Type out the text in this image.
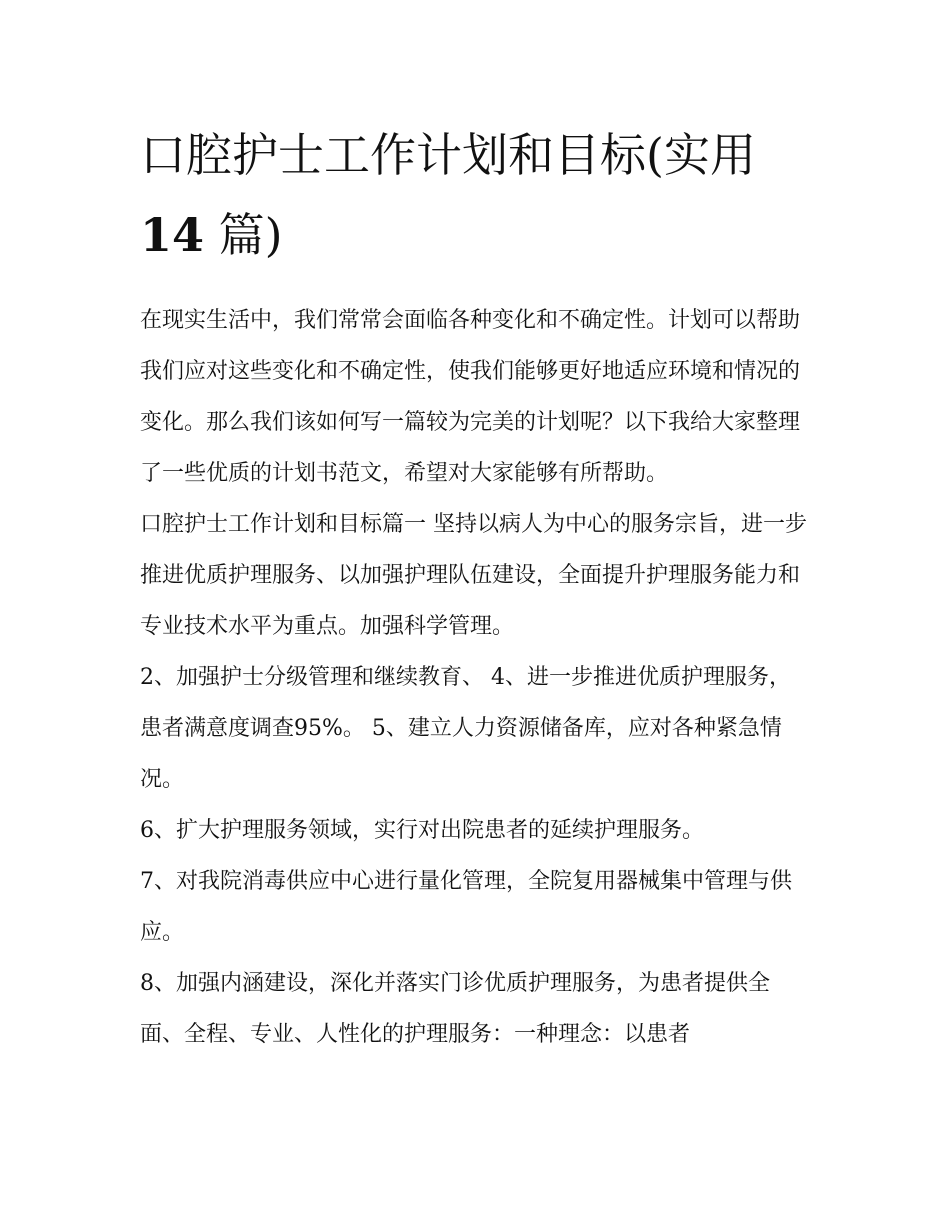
口腔护士工作计划和目标(实用
14 篇)

在现实生活中，我们常常会面临各种变化和不确定性。计划可以帮助我们应对这些变化和不确定性，使我们能够更好地适应环境和情况的变化。那么我们该如何写一篇较为完美的计划呢？以下我给大家整理了一些优质的计划书范文，希望对大家能够有所帮助。

口腔护士工作计划和目标篇一 坚持以病人为中心的服务宗旨，进一步推进优质护理服务、以加强护理队伍建设，全面提升护理服务能力和专业技术水平为重点。加强科学管理。

2、加强护士分级管理和继续教育、 4、进一步推进优质护理服务，患者满意度调查95%。 5、建立人力资源储备库，应对各种紧急情况。

6、扩大护理服务领域，实行对出院患者的延续护理服务。

7、对我院消毒供应中心进行量化管理，全院复用器械集中管理与供应。

8、加强内涵建设，深化并落实门诊优质护理服务，为患者提供全面、全程、专业、人性化的护理服务：一种理念：以患者
